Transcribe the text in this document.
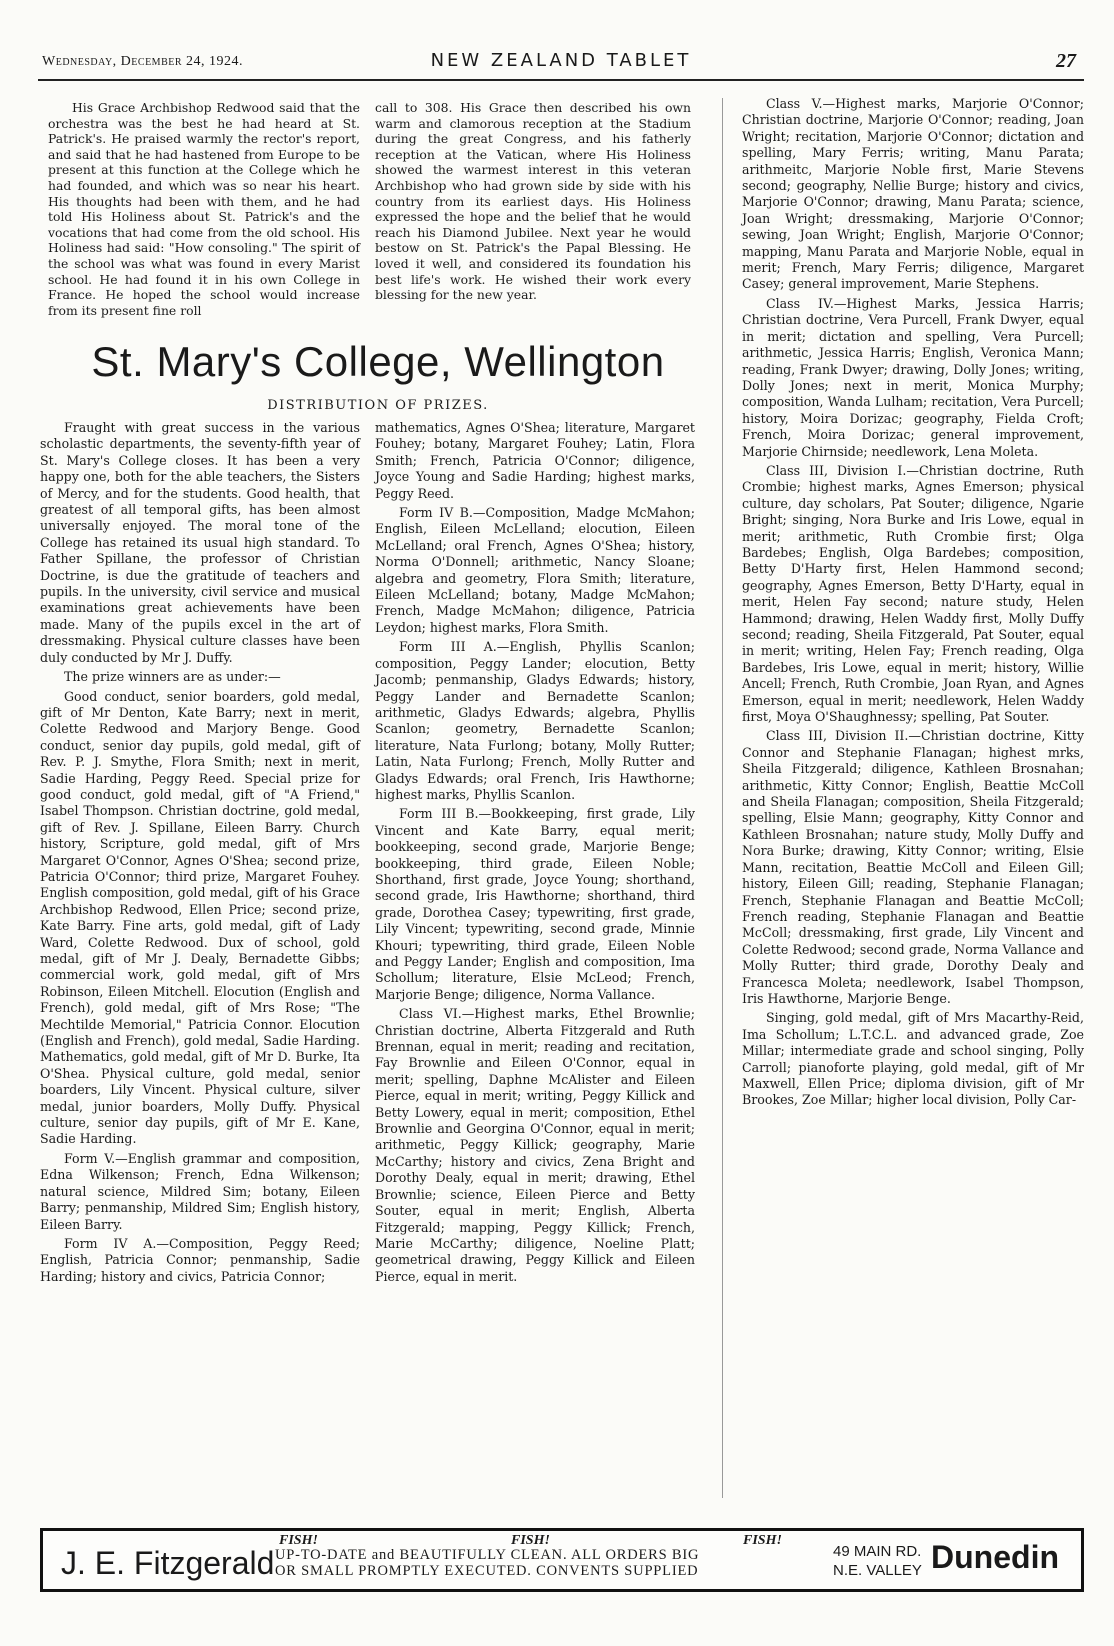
Wednesday, December 24, 1924.	NEW ZEALAND TABLET	27

His Grace Archbishop Redwood said that the orchestra was the best he had heard at St. Patrick's. He praised warmly the rector's report, and said that he had hastened from Europe to be present at this function at the College which he had founded, and which was so near his heart. His thoughts had been with them, and he had told His Holiness about St. Patrick's and the vocations that had come from the old school. His Holiness had said: "How consoling." The spirit of the school was what was found in every Marist school. He had found it in his own College in France. He hoped the school would increase from its present fine roll

call to 308. His Grace then described his own warm and clamorous reception at the Stadium during the great Congress, and his fatherly reception at the Vatican, where His Holiness showed the warmest interest in this veteran Archbishop who had grown side by side with his country from its earliest days. His Holiness expressed the hope and the belief that he would reach his Diamond Jubilee. Next year he would bestow on St. Patrick's the Papal Blessing. He loved it well, and considered its foundation his best life's work. He wished their work every blessing for the new year.

St. Mary's College, Wellington
DISTRIBUTION OF PRIZES.

Fraught with great success in the various scholastic departments, the seventy-fifth year of St. Mary's College closes. It has been a very happy one, both for the able teachers, the Sisters of Mercy, and for the students. Good health, that greatest of all temporal gifts, has been almost universally enjoyed. The moral tone of the College has retained its usual high standard. To Father Spillane, the professor of Christian Doctrine, is due the gratitude of teachers and pupils. In the university, civil service and musical examinations great achievements have been made. Many of the pupils excel in the art of dressmaking. Physical culture classes have been duly conducted by Mr J. Duffy.

The prize winners are as under:—

Good conduct, senior boarders, gold medal, gift of Mr Denton, Kate Barry; next in merit, Colette Redwood and Marjory Benge. Good conduct, senior day pupils, gold medal, gift of Rev. P. J. Smythe, Flora Smith; next in merit, Sadie Harding, Peggy Reed. Special prize for good conduct, gold medal, gift of "A Friend," Isabel Thompson. Christian doctrine, gold medal, gift of Rev. J. Spillane, Eileen Barry. Church history, Scripture, gold medal, gift of Mrs Margaret O'Connor, Agnes O'Shea; second prize, Patricia O'Connor; third prize, Margaret Fouhey. English composition, gold medal, gift of his Grace Archbishop Redwood, Ellen Price; second prize, Kate Barry. Fine arts, gold medal, gift of Lady Ward, Colette Redwood. Dux of school, gold medal, gift of Mr J. Dealy, Bernadette Gibbs; commercial work, gold medal, gift of Mrs Robinson, Eileen Mitchell. Elocution (English and French), gold medal, gift of Mrs Rose; "The Mechtilde Memorial," Patricia Connor. Elocution (English and French), gold medal, Sadie Harding. Mathematics, gold medal, gift of Mr D. Burke, Ita O'Shea. Physical culture, gold medal, senior boarders, Lily Vincent. Physical culture, silver medal, junior boarders, Molly Duffy. Physical culture, senior day pupils, gift of Mr E. Kane, Sadie Harding.

Form V.—English grammar and composition, Edna Wilkenson; French, Edna Wilkenson; natural science, Mildred Sim; botany, Eileen Barry; penmanship, Mildred Sim; English history, Eileen Barry.

Form IV A.—Composition, Peggy Reed; English, Patricia Connor; penmanship, Sadie Harding; history and civics, Patricia Connor;

mathematics, Agnes O'Shea; literature, Margaret Fouhey; botany, Margaret Fouhey; Latin, Flora Smith; French, Patricia O'Connor; diligence, Joyce Young and Sadie Harding; highest marks, Peggy Reed.

Form IV B.—Composition, Madge McMahon; English, Eileen McLelland; elocution, Eileen McLelland; oral French, Agnes O'Shea; history, Norma O'Donnell; arithmetic, Nancy Sloane; algebra and geometry, Flora Smith; literature, Eileen McLelland; botany, Madge McMahon; French, Madge McMahon; diligence, Patricia Leydon; highest marks, Flora Smith.

Form III A.—English, Phyllis Scanlon; composition, Peggy Lander; elocution, Betty Jacomb; penmanship, Gladys Edwards; history, Peggy Lander and Bernadette Scanlon; arithmetic, Gladys Edwards; algebra, Phyllis Scanlon; geometry, Bernadette Scanlon; literature, Nata Furlong; botany, Molly Rutter; Latin, Nata Furlong; French, Molly Rutter and Gladys Edwards; oral French, Iris Hawthorne; highest marks, Phyllis Scanlon.

Form III B.—Bookkeeping, first grade, Lily Vincent and Kate Barry, equal merit; bookkeeping, second grade, Marjorie Benge; bookkeeping, third grade, Eileen Noble; Shorthand, first grade, Joyce Young; shorthand, second grade, Iris Hawthorne; shorthand, third grade, Dorothea Casey; typewriting, first grade, Lily Vincent; typewriting, second grade, Minnie Khouri; typewriting, third grade, Eileen Noble and Peggy Lander; English and composition, Ima Schollum; literature, Elsie McLeod; French, Marjorie Benge; diligence, Norma Vallance.

Class VI.—Highest marks, Ethel Brownlie; Christian doctrine, Alberta Fitzgerald and Ruth Brennan, equal in merit; reading and recitation, Fay Brownlie and Eileen O'Connor, equal in merit; spelling, Daphne McAlister and Eileen Pierce, equal in merit; writing, Peggy Killick and Betty Lowery, equal in merit; composition, Ethel Brownlie and Georgina O'Connor, equal in merit; arithmetic, Peggy Killick; geography, Marie McCarthy; history and civics, Zena Bright and Dorothy Dealy, equal in merit; drawing, Ethel Brownlie; science, Eileen Pierce and Betty Souter, equal in merit; English, Alberta Fitzgerald; mapping, Peggy Killick; French, Marie McCarthy; diligence, Noeline Platt; geometrical drawing, Peggy Killick and Eileen Pierce, equal in merit.

Class V.—Highest marks, Marjorie O'Connor; Christian doctrine, Marjorie O'Connor; reading, Joan Wright; recitation, Marjorie O'Connor; dictation and spelling, Mary Ferris; writing, Manu Parata; arithmeitc, Marjorie Noble first, Marie Stevens second; geography, Nellie Burge; history and civics, Marjorie O'Connor; drawing, Manu Parata; science, Joan Wright; dressmaking, Marjorie O'Connor; sewing, Joan Wright; English, Marjorie O'Connor; mapping, Manu Parata and Marjorie Noble, equal in merit; French, Mary Ferris; diligence, Margaret Casey; general improvement, Marie Stephens.

Class IV.—Highest Marks, Jessica Harris; Christian doctrine, Vera Purcell, Frank Dwyer, equal in merit; dictation and spelling, Vera Purcell; arithmetic, Jessica Harris; English, Veronica Mann; reading, Frank Dwyer; drawing, Dolly Jones; writing, Dolly Jones; next in merit, Monica Murphy; composition, Wanda Lulham; recitation, Vera Purcell; history, Moira Dorizac; geography, Fielda Croft; French, Moira Dorizac; general improvement, Marjorie Chirnside; needlework, Lena Moleta.

Class III, Division I.—Christian doctrine, Ruth Crombie; highest marks, Agnes Emerson; physical culture, day scholars, Pat Souter; diligence, Ngarie Bright; singing, Nora Burke and Iris Lowe, equal in merit; arithmetic, Ruth Crombie first; Olga Bardebes; English, Olga Bardebes; composition, Betty D'Harty first, Helen Hammond second; geography, Agnes Emerson, Betty D'Harty, equal in merit, Helen Fay second; nature study, Helen Hammond; drawing, Helen Waddy first, Molly Duffy second; reading, Sheila Fitzgerald, Pat Souter, equal in merit; writing, Helen Fay; French reading, Olga Bardebes, Iris Lowe, equal in merit; history, Willie Ancell; French, Ruth Crombie, Joan Ryan, and Agnes Emerson, equal in merit; needlework, Helen Waddy first, Moya O'Shaughnessy; spelling, Pat Souter.

Class III, Division II.—Christian doctrine, Kitty Connor and Stephanie Flanagan; highest mrks, Sheila Fitzgerald; diligence, Kathleen Brosnahan; arithmetic, Kitty Connor; English, Beattie McColl and Sheila Flanagan; composition, Sheila Fitzgerald; spelling, Elsie Mann; geography, Kitty Connor and Kathleen Brosnahan; nature study, Molly Duffy and Nora Burke; drawing, Kitty Connor; writing, Elsie Mann, recitation, Beattie McColl and Eileen Gill; history, Eileen Gill; reading, Stephanie Flanagan; French, Stephanie Flanagan and Beattie McColl; French reading, Stephanie Flanagan and Beattie McColl; dressmaking, first grade, Lily Vincent and Colette Redwood; second grade, Norma Vallance and Molly Rutter; third grade, Dorothy Dealy and Francesca Moleta; needlework, Isabel Thompson, Iris Hawthorne, Marjorie Benge.

Singing, gold medal, gift of Mrs Macarthy-Reid, Ima Schollum; L.T.C.L. and advanced grade, Zoe Millar; intermediate grade and school singing, Polly Carroll; pianoforte playing, gold medal, gift of Mr Maxwell, Ellen Price; diploma division, gift of Mr Brookes, Zoe Millar; higher local division, Polly Car-

J. E. Fitzgerald
FISH!	FISH!	FISH!
UP-TO-DATE and BEAUTIFULLY CLEAN. ALL ORDERS BIG
OR SMALL PROMPTLY EXECUTED. CONVENTS SUPPLIED
49 MAIN RD.
N.E. VALLEY Dunedin
